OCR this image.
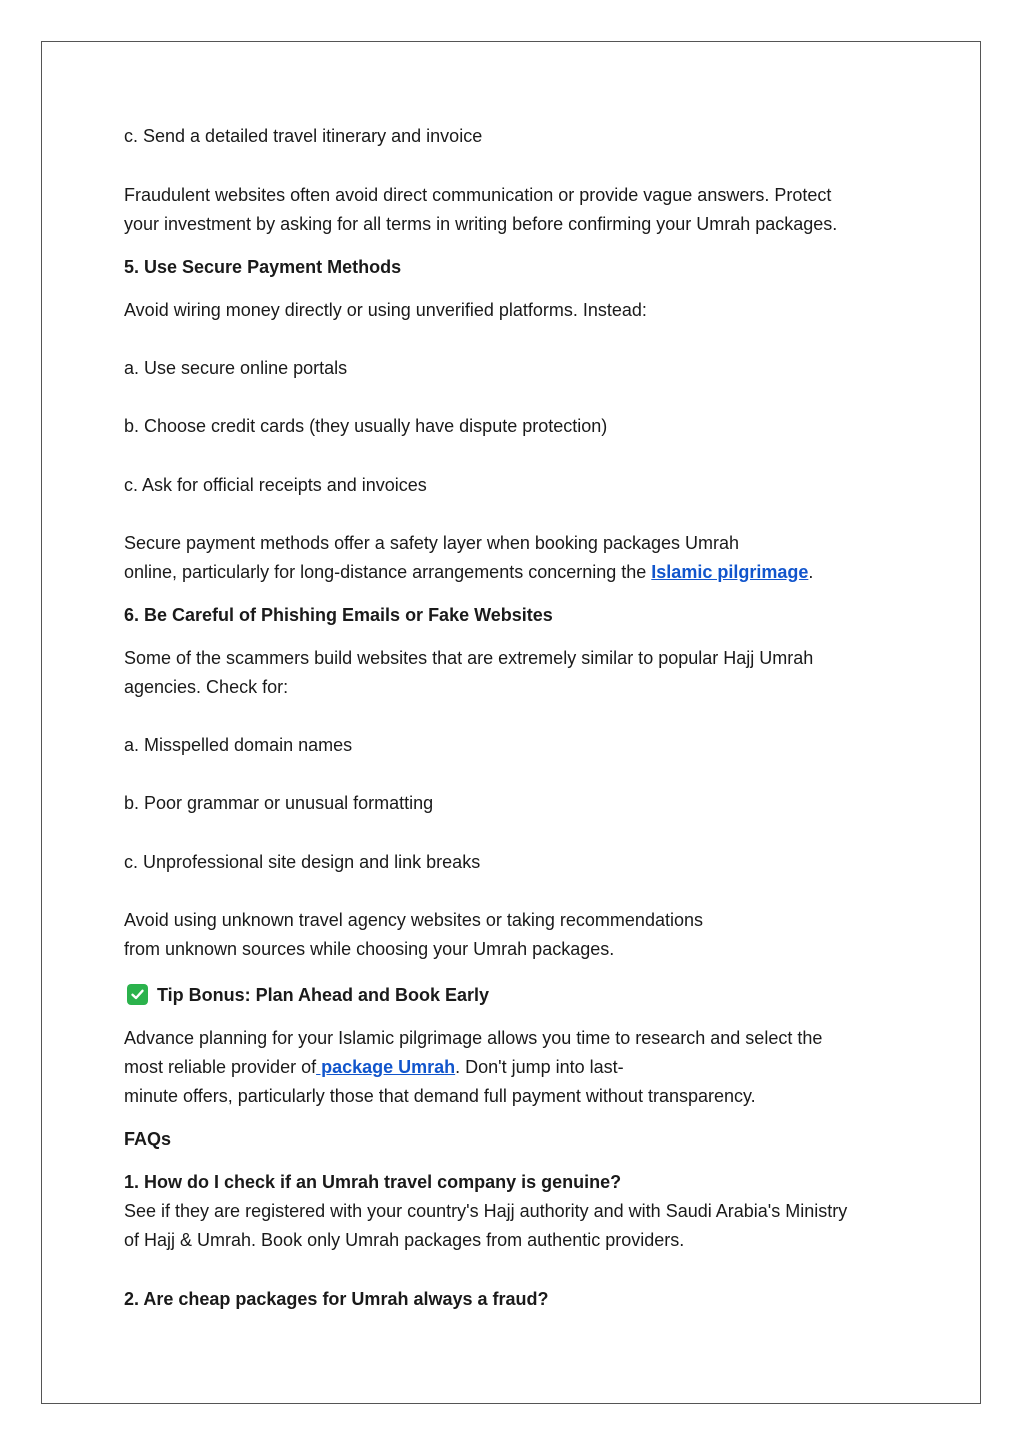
c. Send a detailed travel itinerary and invoice
Fraudulent websites often avoid direct communication or provide vague answers. Protect
your investment by asking for all terms in writing before confirming your Umrah packages.
5. Use Secure Payment Methods
Avoid wiring money directly or using unverified platforms. Instead:
a. Use secure online portals
b. Choose credit cards (they usually have dispute protection)
c. Ask for official receipts and invoices
Secure payment methods offer a safety layer when booking packages Umrah
online, particularly for long-distance arrangements concerning the Islamic pilgrimage.
6. Be Careful of Phishing Emails or Fake Websites
Some of the scammers build websites that are extremely similar to popular Hajj Umrah
agencies. Check for:
a. Misspelled domain names
b. Poor grammar or unusual formatting
c. Unprofessional site design and link breaks
Avoid using unknown travel agency websites or taking recommendations
from unknown sources while choosing your Umrah packages.
Tip Bonus: Plan Ahead and Book Early
Advance planning for your Islamic pilgrimage allows you time to research and select the
most reliable provider of package Umrah. Don't jump into last-
minute offers, particularly those that demand full payment without transparency.
FAQs
1. How do I check if an Umrah travel company is genuine?
See if they are registered with your country's Hajj authority and with Saudi Arabia's Ministry
of Hajj & Umrah. Book only Umrah packages from authentic providers.
2. Are cheap packages for Umrah always a fraud?
